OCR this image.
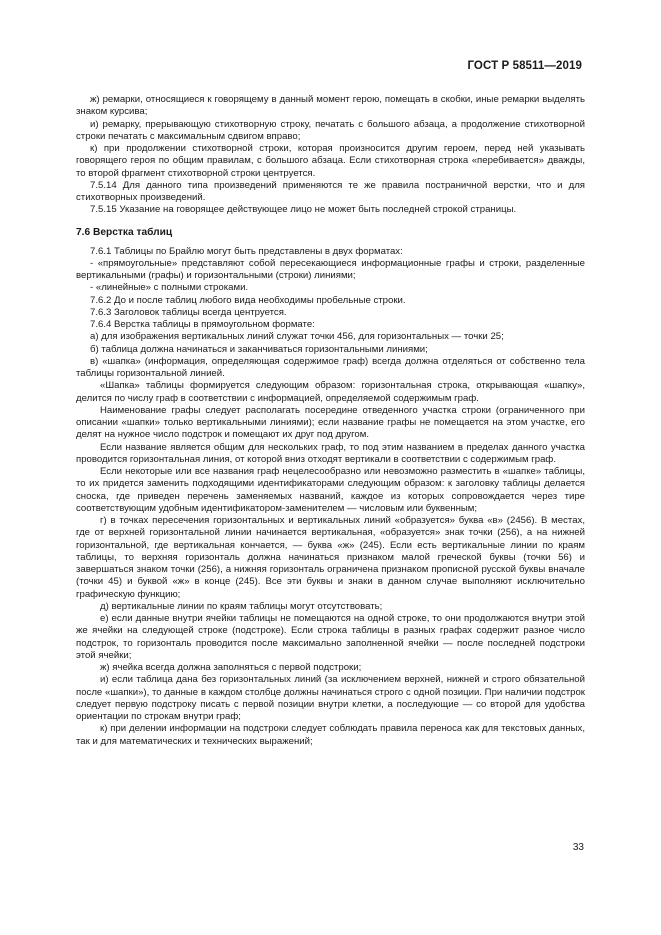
ГОСТ Р 58511—2019

ж) ремарки, относящиеся к говорящему в данный момент герою, помещать в скобки, иные ремарки выделять знаком курсива;

и) ремарку, прерывающую стихотворную строку, печатать с большого абзаца, а продолжение стихотворной строки печатать с максимальным сдвигом вправо;

к) при продолжении стихотворной строки, которая произносится другим героем, перед ней указывать говорящего героя по общим правилам, с большого абзаца. Если стихотворная строка «перебивается» дважды, то второй фрагмент стихотворной строки центруется.

7.5.14 Для данного типа произведений применяются те же правила постраничной верстки, что и для стихотворных произведений.

7.5.15 Указание на говорящее действующее лицо не может быть последней строкой страницы.

7.6 Верстка таблиц

7.6.1 Таблицы по Брайлю могут быть представлены в двух форматах:

- «прямоугольные» представляют собой пересекающиеся информационные графы и строки, разделенные вертикальными (графы) и горизонтальными (строки) линиями;

- «линейные» с полными строками.

7.6.2 До и после таблиц любого вида необходимы пробельные строки.

7.6.3 Заголовок таблицы всегда центруется.

7.6.4 Верстка таблицы в прямоугольном формате:

а) для изображения вертикальных линий служат точки 456, для горизонтальных — точки 25;

б) таблица должна начинаться и заканчиваться горизонтальными линиями;

в) «шапка» (информация, определяющая содержимое граф) всегда должна отделяться от собственно тела таблицы горизонтальной линией.

«Шапка» таблицы формируется следующим образом: горизонтальная строка, открывающая «шапку», делится по числу граф в соответствии с информацией, определяемой содержимым граф.

Наименование графы следует располагать посередине отведенного участка строки (ограниченного при описании «шапки» только вертикальными линиями); если название графы не помещается на этом участке, его делят на нужное число подстрок и помещают их друг под другом.

Если название является общим для нескольких граф, то под этим названием в пределах данного участка проводится горизонтальная линия, от которой вниз отходят вертикали в соответствии с содержимым граф.

Если некоторые или все названия граф нецелесообразно или невозможно разместить в «шапке» таблицы, то их придется заменить подходящими идентификаторами следующим образом: к заголовку таблицы делается сноска, где приведен перечень заменяемых названий, каждое из которых сопровождается через тире соответствующим удобным идентификатором-заменителем — числовым или буквенным;

г) в точках пересечения горизонтальных и вертикальных линий «образуется» буква «в» (2456). В местах, где от верхней горизонтальной линии начинается вертикальная, «образуется» знак точки (256), а на нижней горизонтальной, где вертикальная кончается, — буква «ж» (245). Если есть вертикальные линии по краям таблицы, то верхняя горизонталь должна начинаться признаком малой греческой буквы (точки 56) и завершаться знаком точки (256), а нижняя горизонталь ограничена признаком прописной русской буквы вначале (точки 45) и буквой «ж» в конце (245). Все эти буквы и знаки в данном случае выполняют исключительно графическую функцию;

д) вертикальные линии по краям таблицы могут отсутствовать;

е) если данные внутри ячейки таблицы не помещаются на одной строке, то они продолжаются внутри этой же ячейки на следующей строке (подстроке). Если строка таблицы в разных графах содержит разное число подстрок, то горизонталь проводится после максимально заполненной ячейки — после последней подстроки этой ячейки;

ж) ячейка всегда должна заполняться с первой подстроки;

и) если таблица дана без горизонтальных линий (за исключением верхней, нижней и строго обязательной после «шапки»), то данные в каждом столбце должны начинаться строго с одной позиции. При наличии подстрок следует первую подстроку писать с первой позиции внутри клетки, а последующие — со второй для удобства ориентации по строкам внутри граф;

к) при делении информации на подстроки следует соблюдать правила переноса как для текстовых данных, так и для математических и технических выражений;

33
